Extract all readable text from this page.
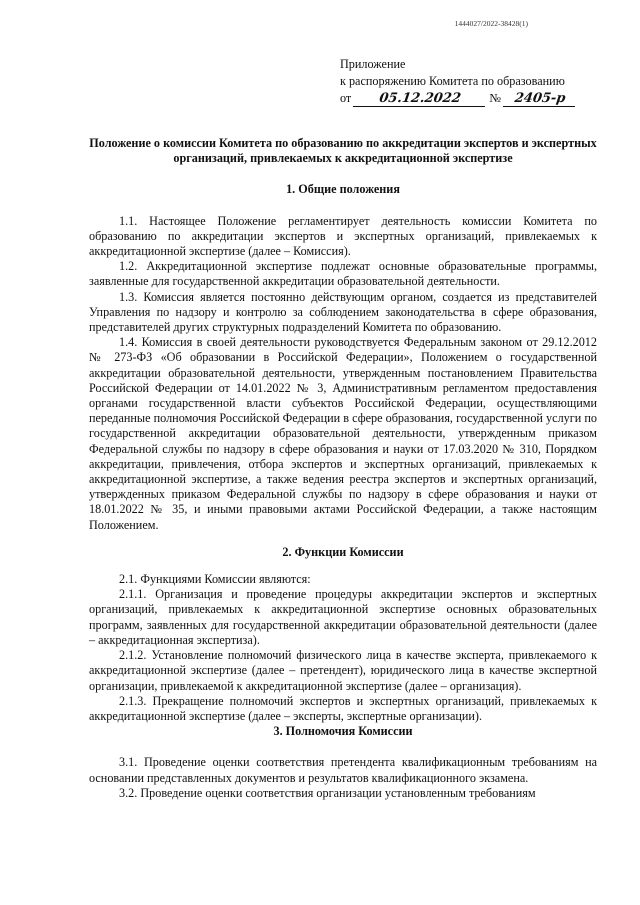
1444027/2022-38428(1)
Приложение
к распоряжению Комитета по образованию
от 05.12.2022 № 2405-р
Положение о комиссии Комитета по образованию по аккредитации экспертов и экспертных организаций, привлекаемых к аккредитационной экспертизе
1. Общие положения

1.1. Настоящее Положение регламентирует деятельность комиссии Комитета по образованию по аккредитации экспертов и экспертных организаций, привлекаемых к аккредитационной экспертизе (далее – Комиссия).

1.2. Аккредитационной экспертизе подлежат основные образовательные программы, заявленные для государственной аккредитации образовательной деятельности.

1.3. Комиссия является постоянно действующим органом, создается из представителей Управления по надзору и контролю за соблюдением законодательства в сфере образования, представителей других структурных подразделений Комитета по образованию.

1.4. Комиссия в своей деятельности руководствуется Федеральным законом от 29.12.2012 № 273-ФЗ «Об образовании в Российской Федерации», Положением о государственной аккредитации образовательной деятельности, утвержденным постановлением Правительства Российской Федерации от 14.01.2022 № 3, Административным регламентом предоставления органами государственной власти субъектов Российской Федерации, осуществляющими переданные полномочия Российской Федерации в сфере образования, государственной услуги по государственной аккредитации образовательной деятельности, утвержденным приказом Федеральной службы по надзору в сфере образования и науки от 17.03.2020 № 310, Порядком аккредитации, привлечения, отбора экспертов и экспертных организаций, привлекаемых к аккредитационной экспертизе, а также ведения реестра экспертов и экспертных организаций, утвержденных приказом Федеральной службы по надзору в сфере образования и науки от 18.01.2022 № 35, и иными правовыми актами Российской Федерации, а также настоящим Положением.

2. Функции Комиссии

2.1. Функциями Комиссии являются:

2.1.1. Организация и проведение процедуры аккредитации экспертов и экспертных организаций, привлекаемых к аккредитационной экспертизе основных образовательных программ, заявленных для государственной аккредитации образовательной деятельности (далее – аккредитационная экспертиза).

2.1.2. Установление полномочий физического лица в качестве эксперта, привлекаемого к аккредитационной экспертизе (далее – претендент), юридического лица в качестве экспертной организации, привлекаемой к аккредитационной экспертизе (далее – организация).

2.1.3. Прекращение полномочий экспертов и экспертных организаций, привлекаемых к аккредитационной экспертизе (далее – эксперты, экспертные организации).

3. Полномочия Комиссии

3.1. Проведение оценки соответствия претендента квалификационным требованиям на основании представленных документов и результатов квалификационного экзамена.

3.2. Проведение оценки соответствия организации установленным требованиям
